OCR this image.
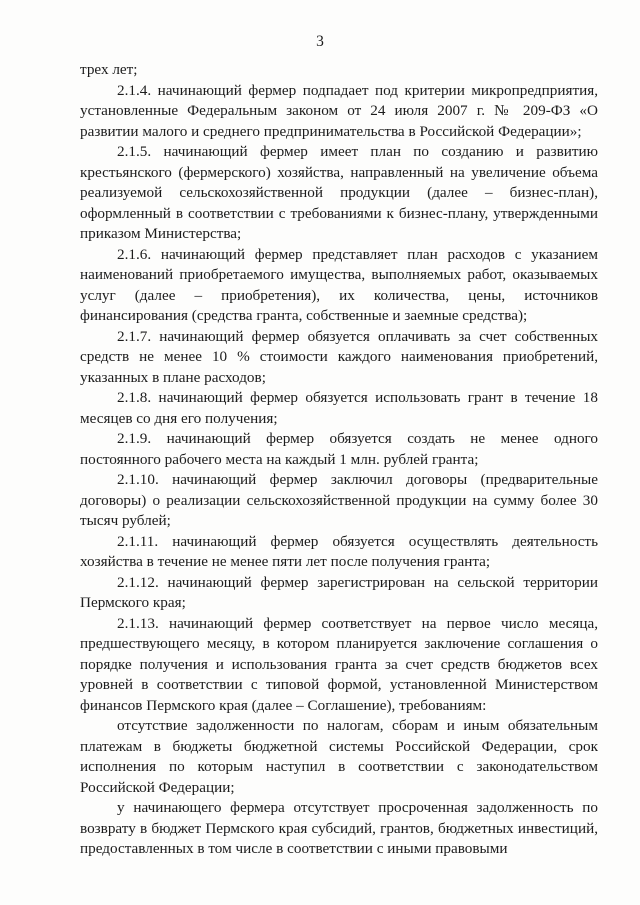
3

трех лет;

2.1.4. начинающий фермер подпадает под критерии микропредприятия, установленные Федеральным законом от 24 июля 2007 г. № 209-ФЗ «О развитии малого и среднего предпринимательства в Российской Федерации»;

2.1.5. начинающий фермер имеет план по созданию и развитию крестьянского (фермерского) хозяйства, направленный на увеличение объема реализуемой сельскохозяйственной продукции (далее – бизнес-план), оформленный в соответствии с требованиями к бизнес-плану, утвержденными приказом Министерства;

2.1.6. начинающий фермер представляет план расходов с указанием наименований приобретаемого имущества, выполняемых работ, оказываемых услуг (далее – приобретения), их количества, цены, источников финансирования (средства гранта, собственные и заемные средства);

2.1.7. начинающий фермер обязуется оплачивать за счет собственных средств не менее 10 % стоимости каждого наименования приобретений, указанных в плане расходов;

2.1.8. начинающий фермер обязуется использовать грант в течение 18 месяцев со дня его получения;

2.1.9. начинающий фермер обязуется создать не менее одного постоянного рабочего места на каждый 1 млн. рублей гранта;

2.1.10. начинающий фермер заключил договоры (предварительные договоры) о реализации сельскохозяйственной продукции на сумму более 30 тысяч рублей;

2.1.11. начинающий фермер обязуется осуществлять деятельность хозяйства в течение не менее пяти лет после получения гранта;

2.1.12. начинающий фермер зарегистрирован на сельской территории Пермского края;

2.1.13. начинающий фермер соответствует на первое число месяца, предшествующего месяцу, в котором планируется заключение соглашения о порядке получения и использования гранта за счет средств бюджетов всех уровней в соответствии с типовой формой, установленной Министерством финансов Пермского края (далее – Соглашение), требованиям:

отсутствие задолженности по налогам, сборам и иным обязательным платежам в бюджеты бюджетной системы Российской Федерации, срок исполнения по которым наступил в соответствии с законодательством Российской Федерации;

у начинающего фермера отсутствует просроченная задолженность по возврату в бюджет Пермского края субсидий, грантов, бюджетных инвестиций, предоставленных в том числе в соответствии с иными правовыми
